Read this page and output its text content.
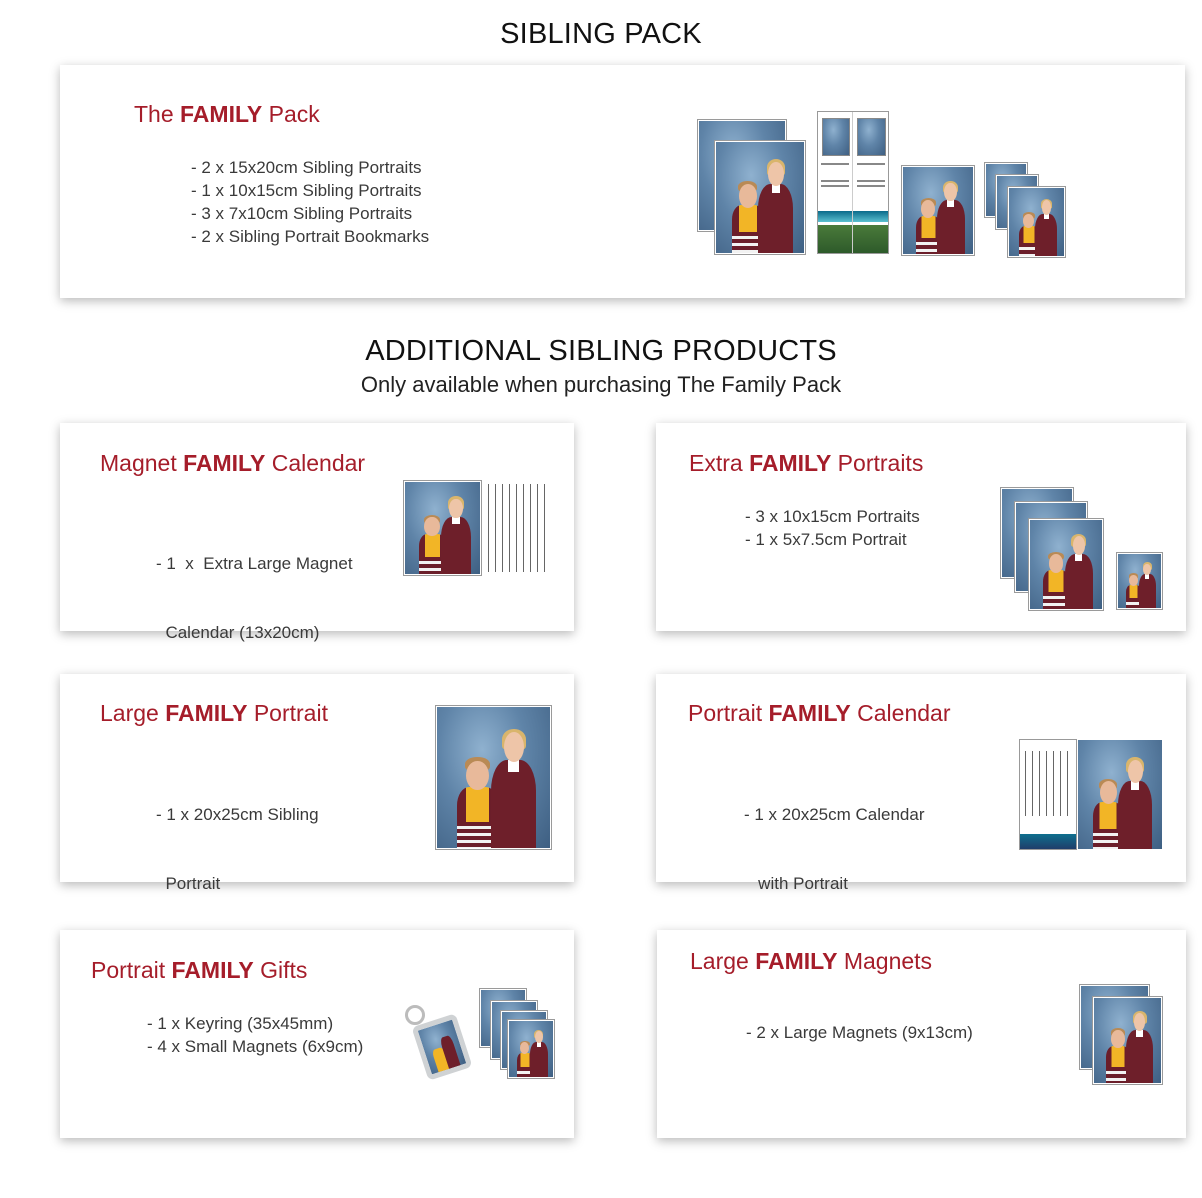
SIBLING PACK
The FAMILY Pack
- 2 x 15x20cm Sibling Portraits
- 1 x 10x15cm Sibling Portraits
- 3 x 7x10cm Sibling Portraits
- 2 x Sibling Portrait Bookmarks
ADDITIONAL SIBLING PRODUCTS
Only available when purchasing The Family Pack
Magnet FAMILY Calendar

- 1  x  Extra Large Magnet

Calendar (13x20cm)

Extra FAMILY Portraits
- 3 x 10x15cm Portraits
- 1 x 5x7.5cm Portrait
Large FAMILY Portrait

- 1 x 20x25cm Sibling

Portrait

Portrait FAMILY Calendar

- 1 x 20x25cm Calendar

with Portrait

Portrait FAMILY Gifts
- 1 x Keyring (35x45mm)
- 4 x Small Magnets (6x9cm)
Large FAMILY Magnets
- 2 x Large Magnets (9x13cm)
